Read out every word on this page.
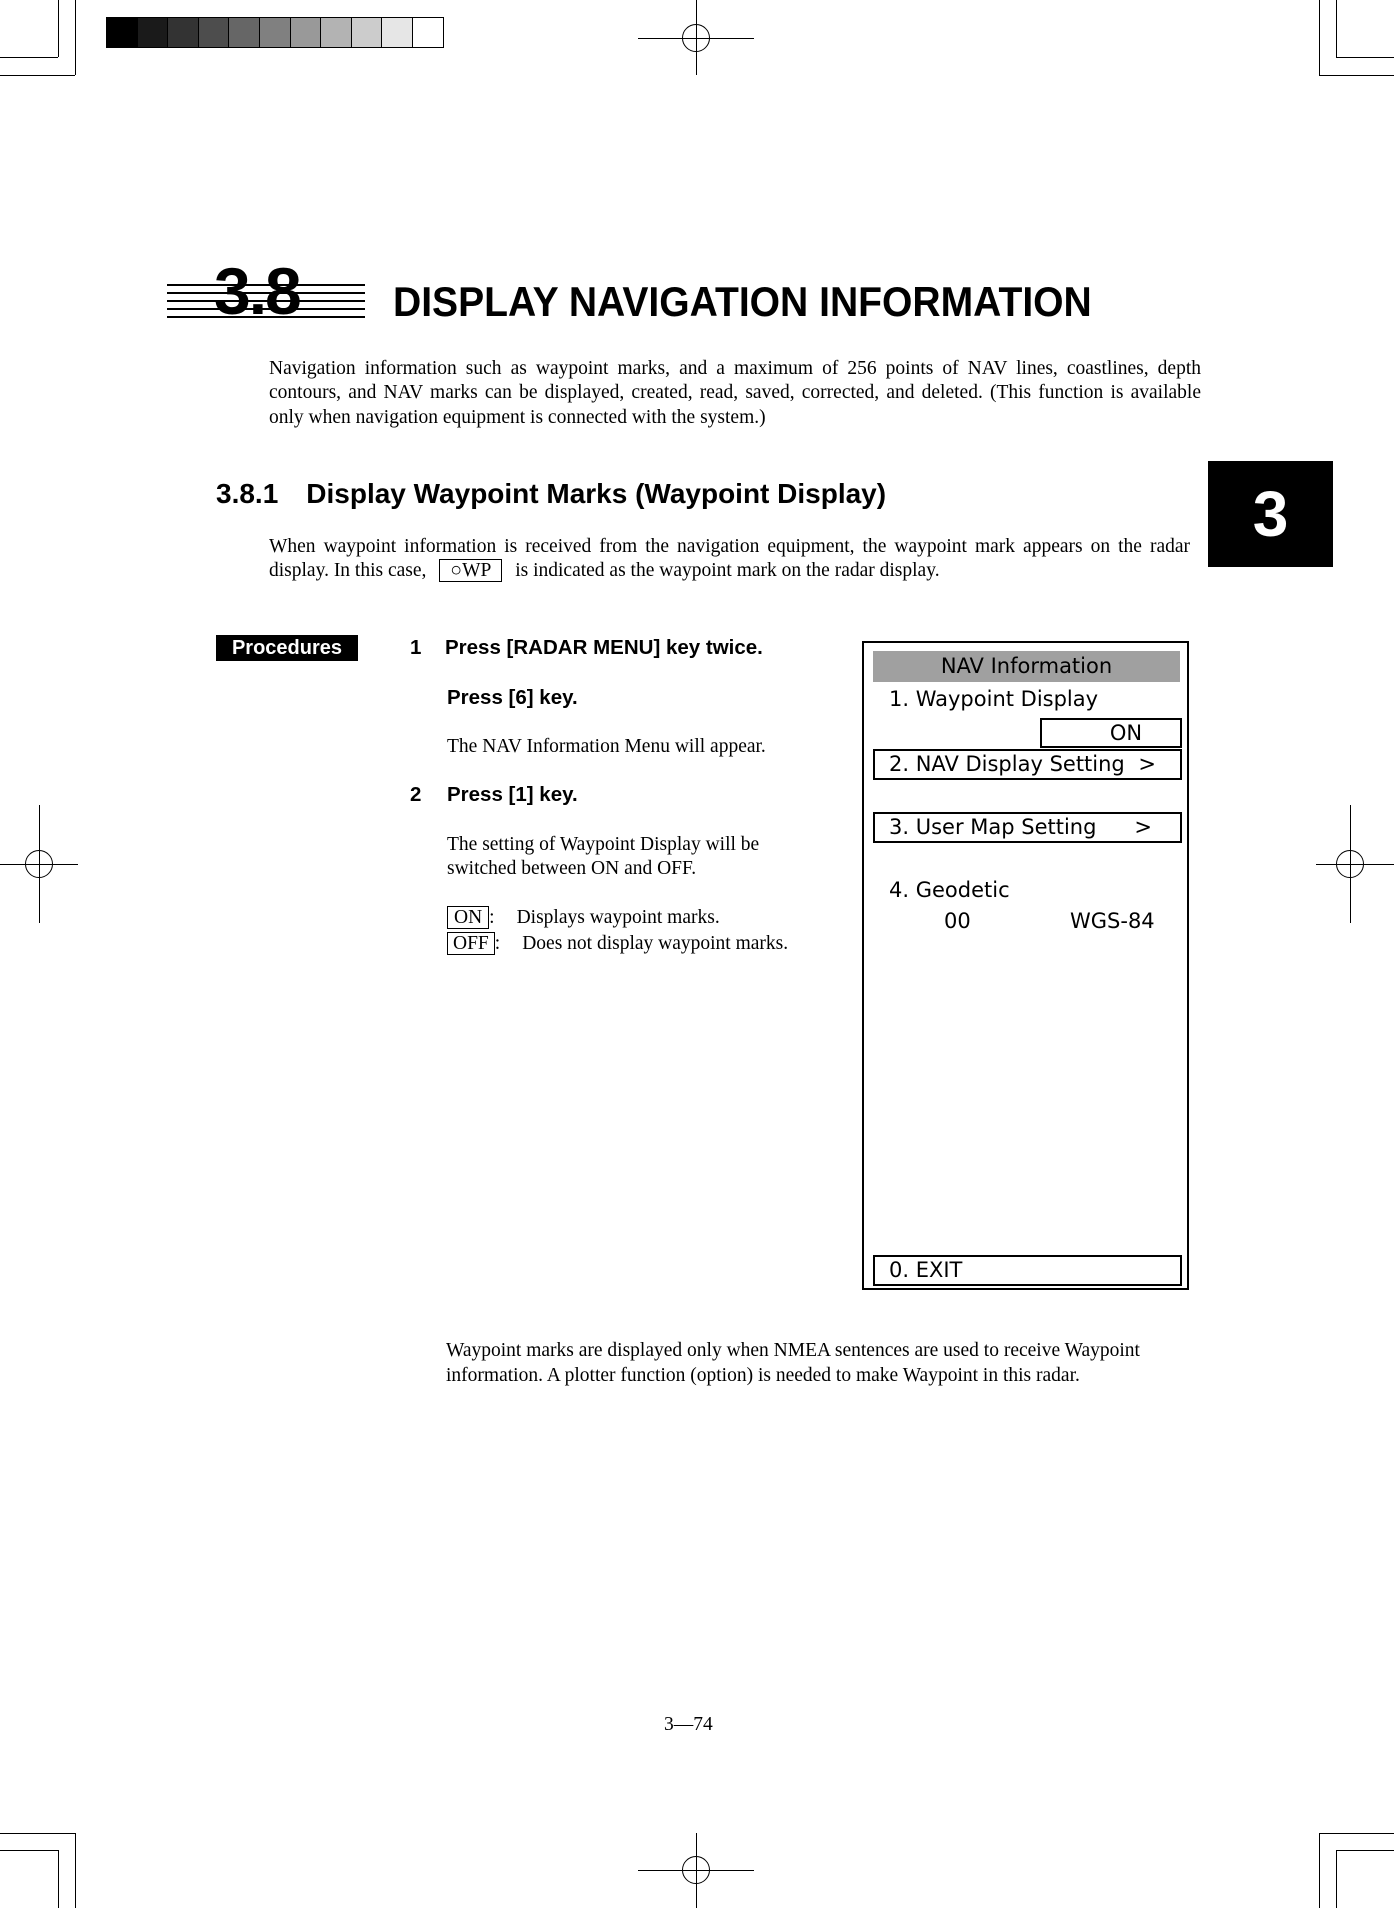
3.8 DISPLAY NAVIGATION INFORMATION
Navigation information such as waypoint marks, and a maximum of 256 points of NAV lines, coastlines, depth contours, and NAV marks can be displayed, created, read, saved, corrected, and deleted. (This function is available only when navigation equipment is connected with the system.)
3
3.8.1 Display Waypoint Marks (Waypoint Display)
When waypoint information is received from the navigation equipment, the waypoint mark appears on the radar display. In this case, ○WP is indicated as the waypoint mark on the radar display.
Procedures	1 Press [RADAR MENU] key twice.
Press [6] key.
The NAV Information Menu will appear.
2 Press [1] key.
The setting of Waypoint Display will be
switched between ON and OFF.
ON : Displays waypoint marks.
OFF : Does not display waypoint marks.
NAV Information
1. Waypoint Display
ON
2. NAV Display Setting >
3. User Map Setting >
4. Geodetic
00	WGS-84
0. EXIT
Waypoint marks are displayed only when NMEA sentences are used to receive Waypoint
information. A plotter function (option) is needed to make Waypoint in this radar.
3—74
